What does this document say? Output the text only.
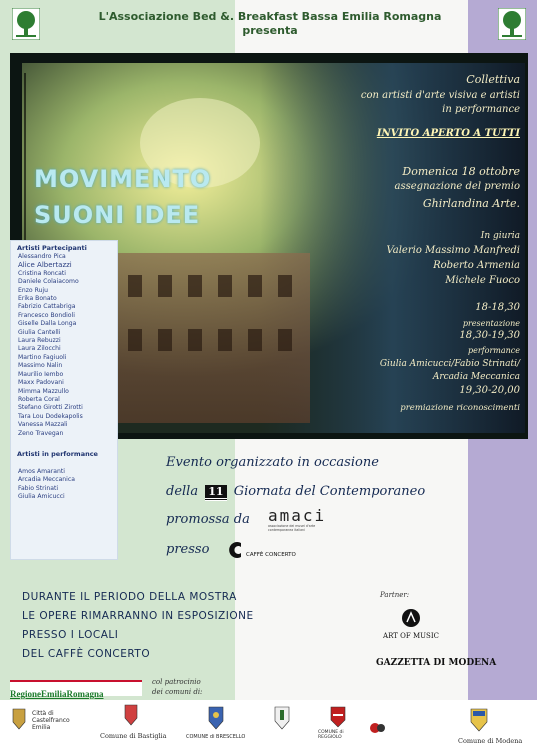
L'Associazione Bed &. Breakfast Bassa Emilia Romagna
presenta
MOVIMENTO
SUONI IDEE
Collettiva
con artisti d'arte visiva e artisti
in performance
INVITO APERTO A TUTTI
Domenica 18 ottobre
assegnazione del premio
Ghirlandina Arte.
In giuria
Valerio Massimo Manfredi
Roberto Armenia
Michele Fuoco
18-18,30
presentazione
18,30-19,30
performance
Giulia Amicucci/Fabio Strinati/
Arcadia Meccanica
19,30-20,00
premiazione riconoscimenti
Artisti Partecipanti
Alessandro Pica
Alice Albertazzi
Cristina Roncati
Daniele Colaiacomo
Enzo Ruju
Erika Bonato
Fabrizio Cattabriga
Francesco Bondioli
Giselle Dalla Longa
Giulia Cantelli
Laura Rebuzzi
Laura Zilocchi
Martino Fagiuoli
Massimo Nalin
Maurilio Iembo
Maxx Padovani
Mimma Mazzullo
Roberta Coral
Stefano Girotti Zirotti
Tara Lou Dodekapolis
Vanessa Mazzali
Zeno Travegan
Artisti in performance
Amos Amaranti
Arcadia Meccanica
Fabio Strinati
Giulia Amicucci
Evento organizzato in occasione
della 11 Giornata del Contemporaneo
promossa da amaci
associazione dei musei d'arte contemporanea italiani
presso	CAFFÈ CONCERTO
DURANTE IL PERIODO DELLA MOSTRA
LE OPERE RIMARRANNO IN ESPOSIZIONE
PRESSO I LOCALI
DEL CAFFÈ CONCERTO
Partner:
ART OF MUSIC
GAZZETTA DI MODENA
RegioneEmiliaRomagna
col patrocinio
dei comuni di:
Città di
Castelfranco
Emilia
Comune di Bastiglia	COMUNE di BRESCELLO
COMUNE di REGGIOLO	Comune di Modena
